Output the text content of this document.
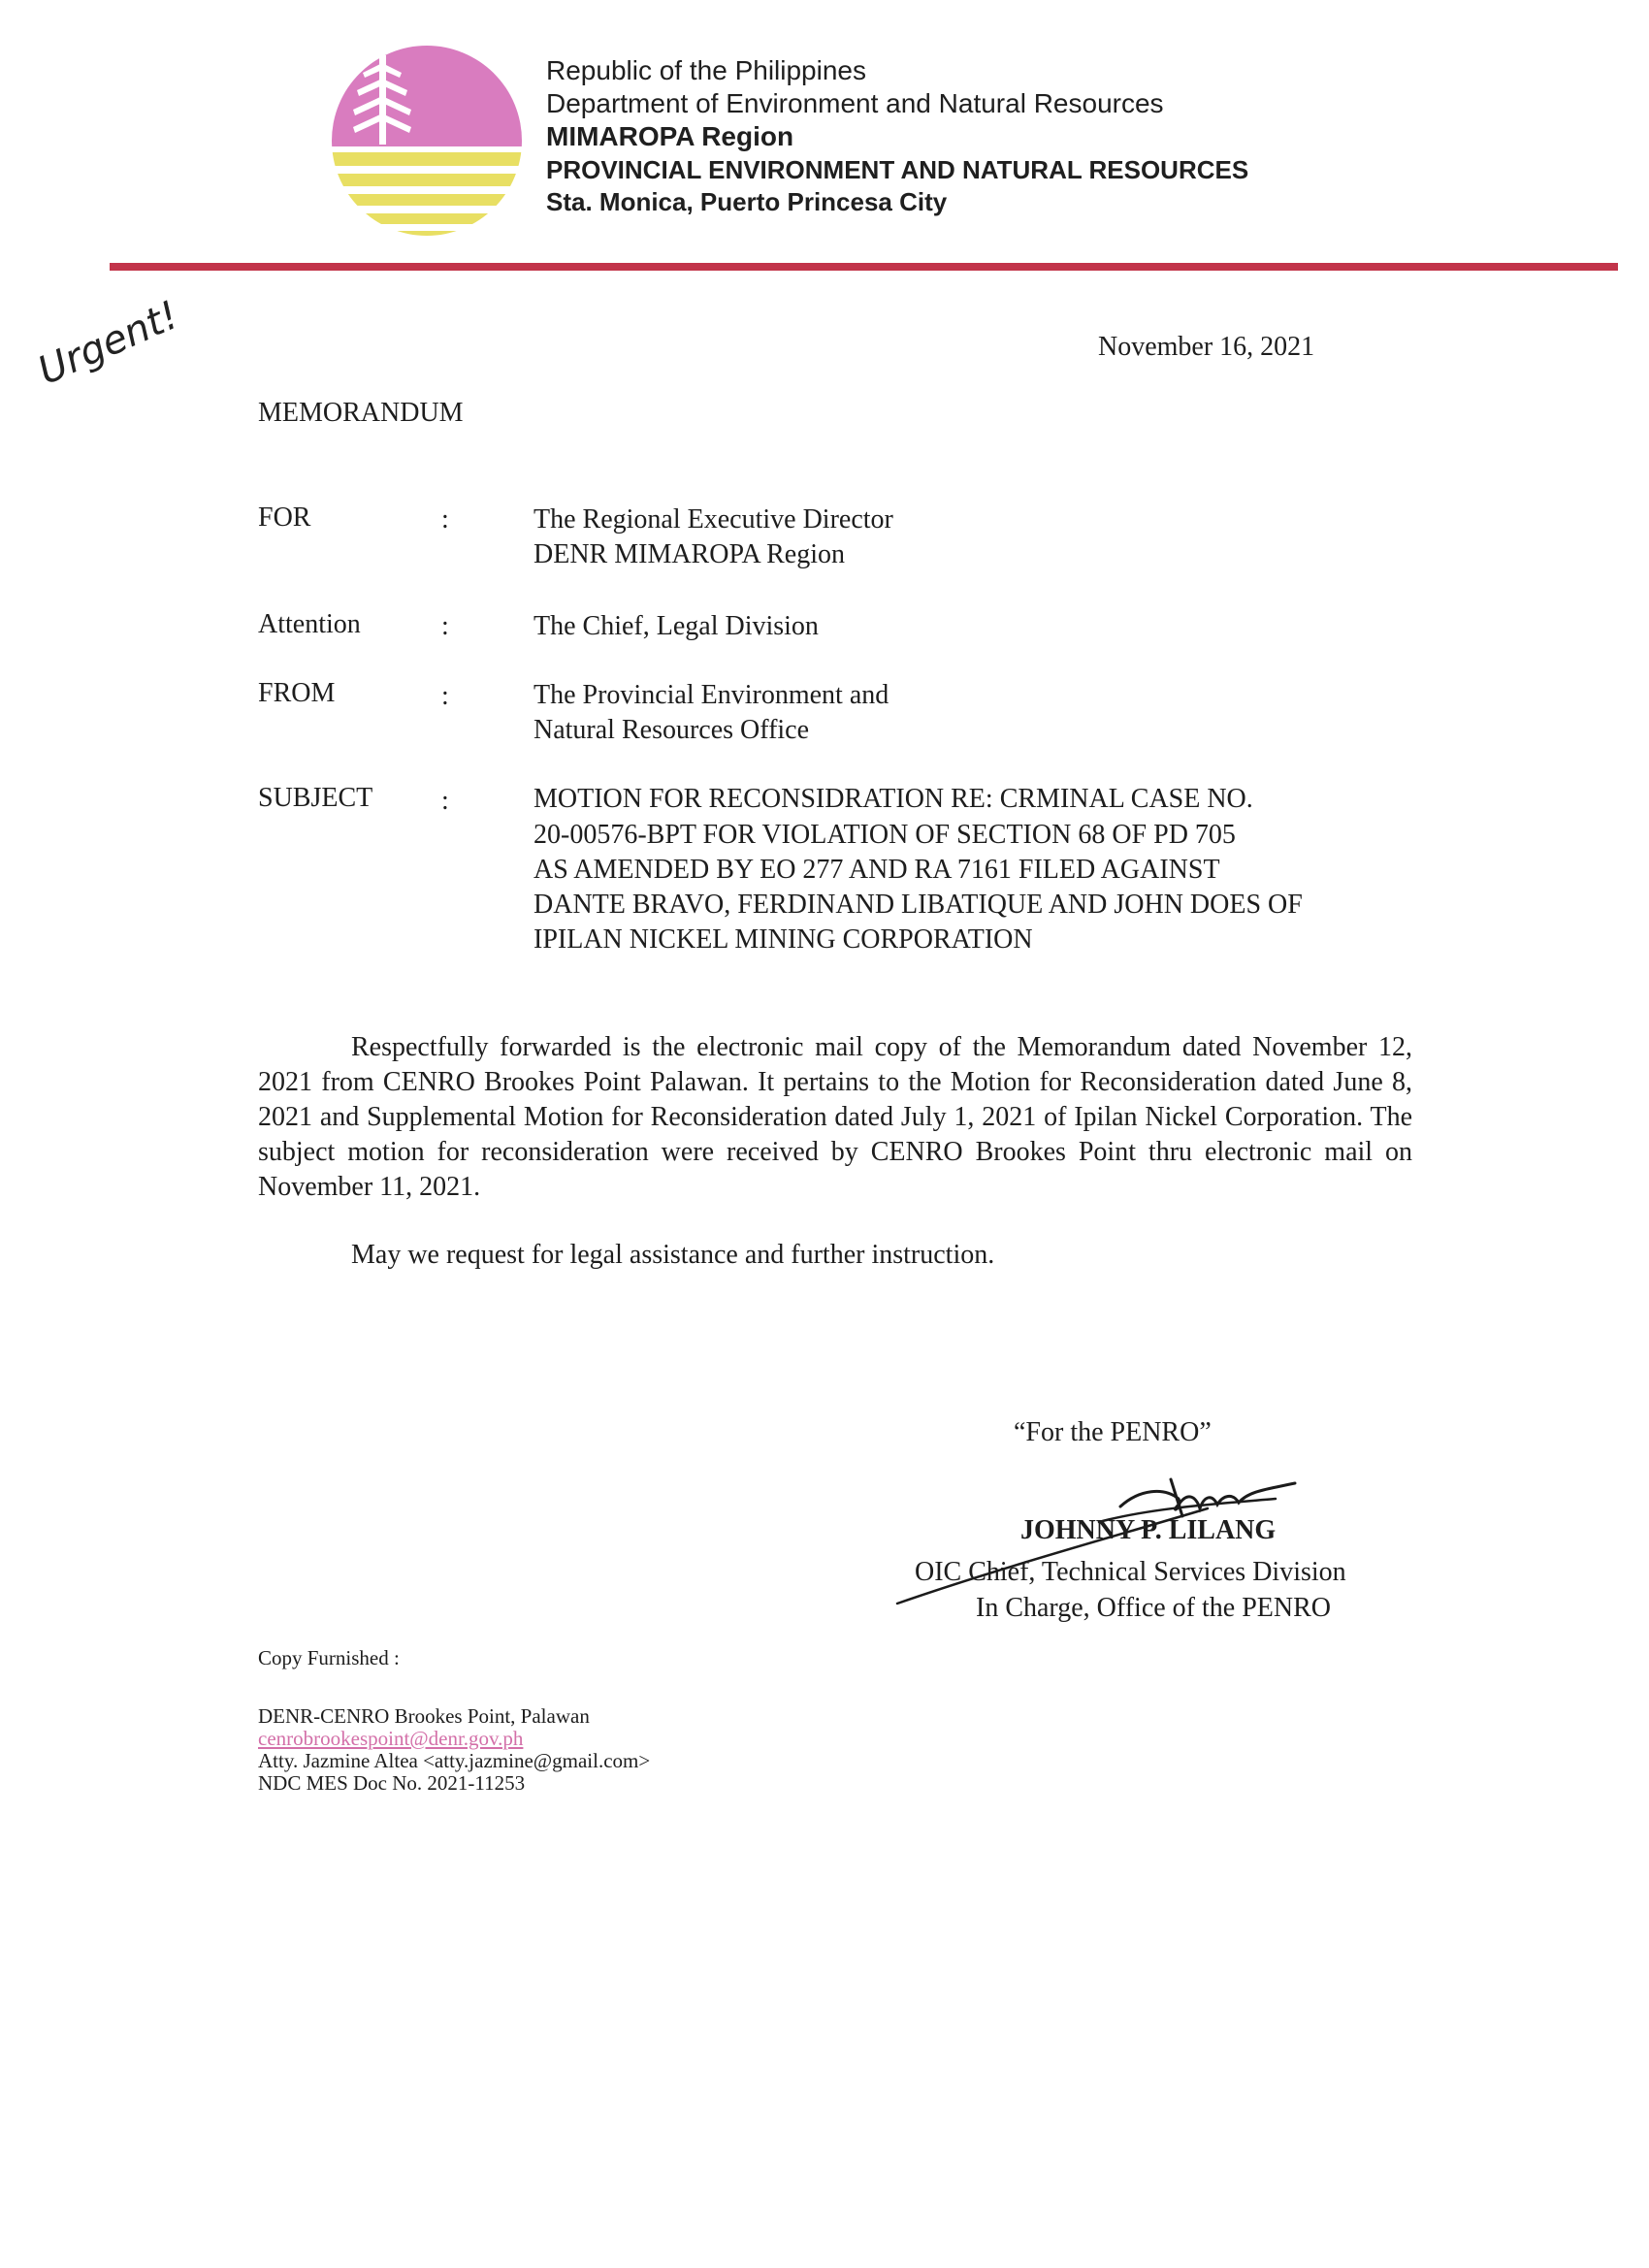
Republic of the Philippines
Department of Environment and Natural Resources
MIMAROPA Region
PROVINCIAL ENVIRONMENT AND NATURAL RESOURCES
Sta. Monica, Puerto Princesa City
Urgent!	November 16, 2021
MEMORANDUM
FOR	:	The Regional Executive Director
DENR MIMAROPA Region
Attention	:	The Chief, Legal Division
FROM	:	The Provincial Environment and
Natural Resources Office
SUBJECT	:	MOTION FOR RECONSIDRATION RE: CRMINAL CASE NO.
20-00576-BPT FOR VIOLATION OF SECTION 68 OF PD 705
AS AMENDED BY EO 277 AND RA 7161 FILED AGAINST
DANTE BRAVO, FERDINAND LIBATIQUE AND JOHN DOES OF
IPILAN NICKEL MINING CORPORATION

Respectfully forwarded is the electronic mail copy of the Memorandum dated November 12, 2021 from CENRO Brookes Point Palawan. It pertains to the Motion for Reconsideration dated June 8, 2021 and Supplemental Motion for Reconsideration dated July 1, 2021 of Ipilan Nickel Corporation. The subject motion for reconsideration were received by CENRO Brookes Point thru electronic mail on November 11, 2021.

May we request for legal assistance and further instruction.
“For the PENRO”
JOHNNY P. LILANG
OIC Chief, Technical Services Division
In Charge, Office of the PENRO
Copy Furnished :
DENR-CENRO Brookes Point, Palawan
cenrobrookespoint@denr.gov.ph
Atty. Jazmine Altea <atty.jazmine@gmail.com>
NDC MES Doc No. 2021-11253
